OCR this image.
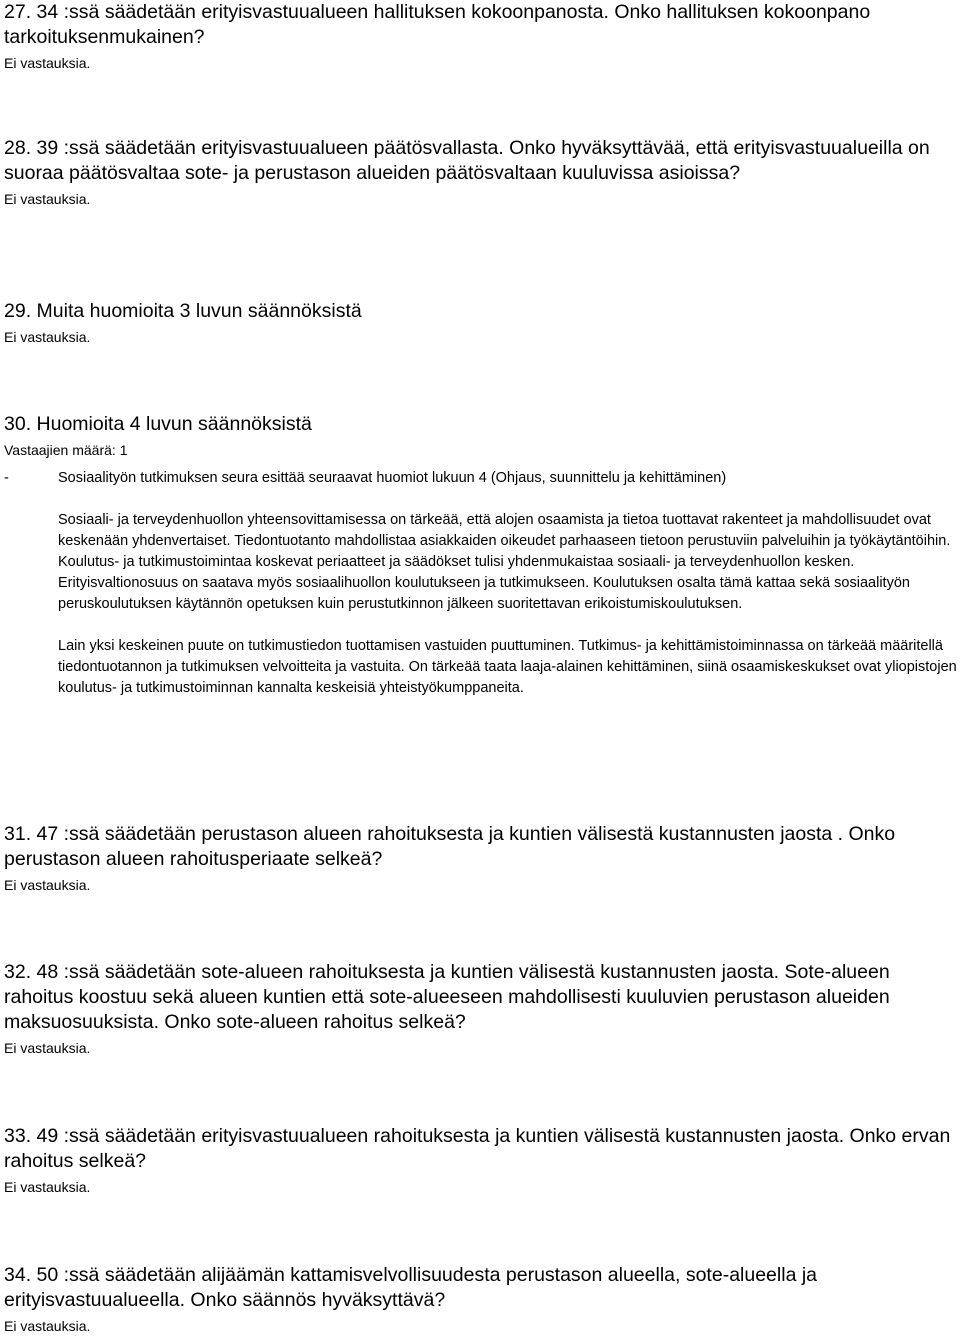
27. 34 :ssä säädetään erityisvastuualueen hallituksen kokoonpanosta. Onko hallituksen kokoonpano tarkoituksenmukainen?

Ei vastauksia.

28. 39 :ssä säädetään erityisvastuualueen päätösvallasta. Onko hyväksyttävää, että erityisvastuualueilla on suoraa päätösvaltaa sote- ja perustason alueiden päätösvaltaan kuuluvissa asioissa?

Ei vastauksia.

29. Muita huomioita 3 luvun säännöksistä

Ei vastauksia.

30. Huomioita 4 luvun säännöksistä

Vastaajien määrä: 1

-	Sosiaalityön tutkimuksen seura esittää seuraavat huomiot lukuun 4 (Ohjaus, suunnittelu ja kehittäminen)

Sosiaali- ja terveydenhuollon yhteensovittamisessa on tärkeää, että alojen osaamista ja tietoa tuottavat rakenteet ja mahdollisuudet ovat keskenään yhdenvertaiset. Tiedontuotanto mahdollistaa asiakkaiden oikeudet parhaaseen tietoon perustuviin palveluihin ja työkäytäntöihin.

Koulutus- ja tutkimustoimintaa koskevat periaatteet ja säädökset tulisi yhdenmukaistaa sosiaali- ja terveydenhuollon kesken. Erityisvaltionosuus on saatava myös sosiaalihuollon koulutukseen ja tutkimukseen. Koulutuksen osalta tämä kattaa sekä sosiaalityön peruskoulutuksen käytännön opetuksen kuin perustutkinnon jälkeen suoritettavan erikoistumiskoulutuksen.

Lain yksi keskeinen puute on tutkimustiedon tuottamisen vastuiden puuttuminen. Tutkimus- ja kehittämistoiminnassa on tärkeää määritellä tiedontuotannon ja tutkimuksen velvoitteita ja vastuita. On tärkeää taata laaja-alainen kehittäminen, siinä osaamiskeskukset ovat yliopistojen koulutus- ja tutkimustoiminnan kannalta keskeisiä yhteistyökumppaneita.

31. 47 :ssä säädetään perustason alueen rahoituksesta ja kuntien välisestä kustannusten jaosta . Onko perustason alueen rahoitusperiaate selkeä?

Ei vastauksia.

32. 48 :ssä säädetään sote-alueen rahoituksesta ja kuntien välisestä kustannusten jaosta. Sote-alueen rahoitus koostuu sekä alueen kuntien että sote-alueeseen mahdollisesti kuuluvien perustason alueiden maksuosuuksista. Onko sote-alueen rahoitus selkeä?

Ei vastauksia.

33. 49 :ssä säädetään erityisvastuualueen rahoituksesta ja kuntien välisestä kustannusten jaosta. Onko ervan rahoitus selkeä?

Ei vastauksia.

34. 50 :ssä säädetään alijäämän kattamisvelvollisuudesta perustason alueella, sote-alueella ja erityisvastuualueella. Onko säännös hyväksyttävä?

Ei vastauksia.
